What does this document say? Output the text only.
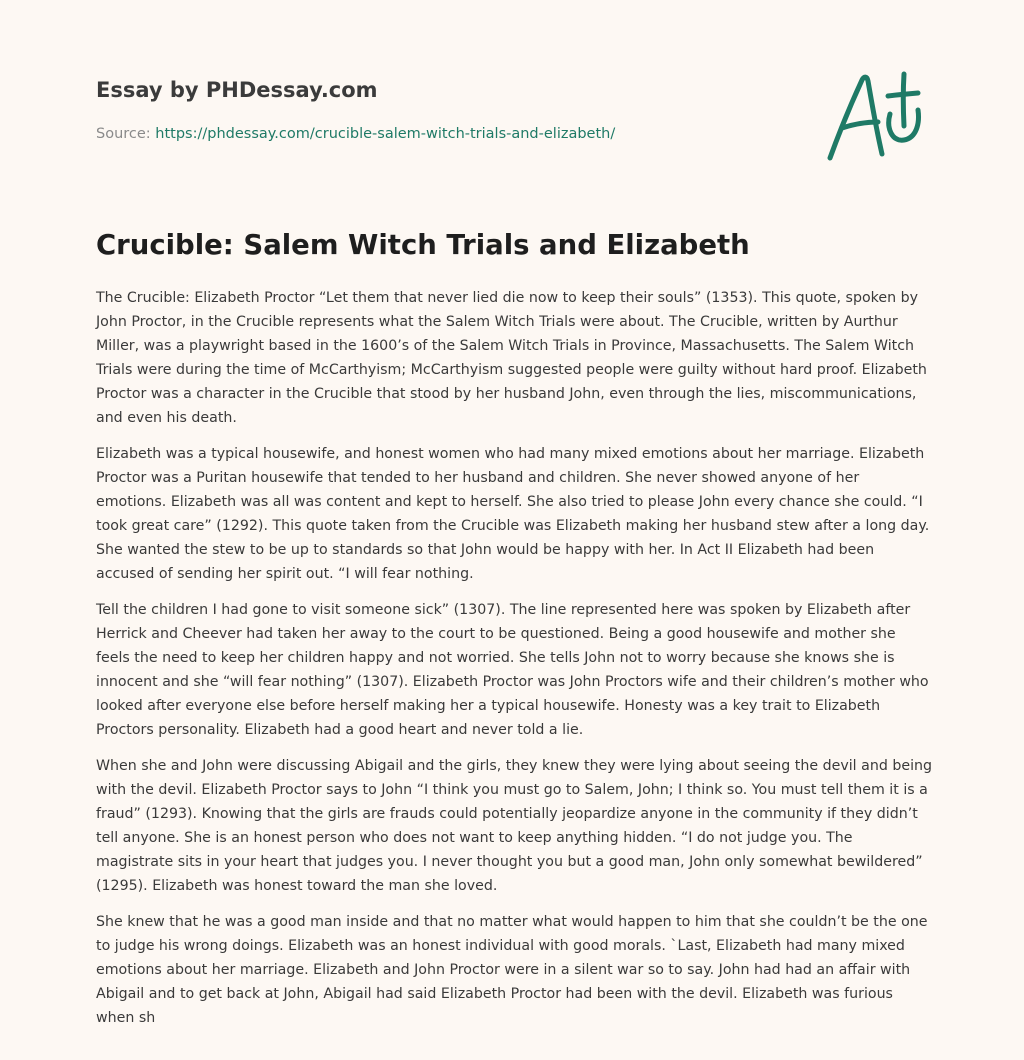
Essay by PHDessay.com
Source: https://phdessay.com/crucible-salem-witch-trials-and-elizabeth/
Crucible: Salem Witch Trials and Elizabeth

The Crucible: Elizabeth Proctor “Let them that never lied die now to keep their souls” (1353). This quote, spoken by John Proctor, in the Crucible represents what the Salem Witch Trials were about. The Crucible, written by Aurthur Miller, was a playwright based in the 1600’s of the Salem Witch Trials in Province, Massachusetts. The Salem Witch Trials were during the time of McCarthyism; McCarthyism suggested people were guilty without hard proof. Elizabeth Proctor was a character in the Crucible that stood by her husband John, even through the lies, miscommunications, and even his death.

Elizabeth was a typical housewife, and honest women who had many mixed emotions about her marriage. Elizabeth Proctor was a Puritan housewife that tended to her husband and children. She never showed anyone of her emotions. Elizabeth was all was content and kept to herself. She also tried to please John every chance she could. “I took great care” (1292). This quote taken from the Crucible was Elizabeth making her husband stew after a long day. She wanted the stew to be up to standards so that John would be happy with her. In Act II Elizabeth had been accused of sending her spirit out. “I will fear nothing.

Tell the children I had gone to visit someone sick” (1307). The line represented here was spoken by Elizabeth after Herrick and Cheever had taken her away to the court to be questioned. Being a good housewife and mother she feels the need to keep her children happy and not worried. She tells John not to worry because she knows she is innocent and she “will fear nothing” (1307). Elizabeth Proctor was John Proctors wife and their children’s mother who looked after everyone else before herself making her a typical housewife. Honesty was a key trait to Elizabeth Proctors personality. Elizabeth had a good heart and never told a lie.

When she and John were discussing Abigail and the girls, they knew they were lying about seeing the devil and being with the devil. Elizabeth Proctor says to John “I think you must go to Salem, John; I think so. You must tell them it is a fraud” (1293). Knowing that the girls are frauds could potentially jeopardize anyone in the community if they didn’t tell anyone. She is an honest person who does not want to keep anything hidden. “I do not judge you. The magistrate sits in your heart that judges you. I never thought you but a good man, John only somewhat bewildered” (1295). Elizabeth was honest toward the man she loved.

She knew that he was a good man inside and that no matter what would happen to him that she couldn’t be the one to judge his wrong doings. Elizabeth was an honest individual with good morals. `Last, Elizabeth had many mixed emotions about her marriage. Elizabeth and John Proctor were in a silent war so to say. John had had an affair with Abigail and to get back at John, Abigail had said Elizabeth Proctor had been with the devil. Elizabeth was furious when sh
